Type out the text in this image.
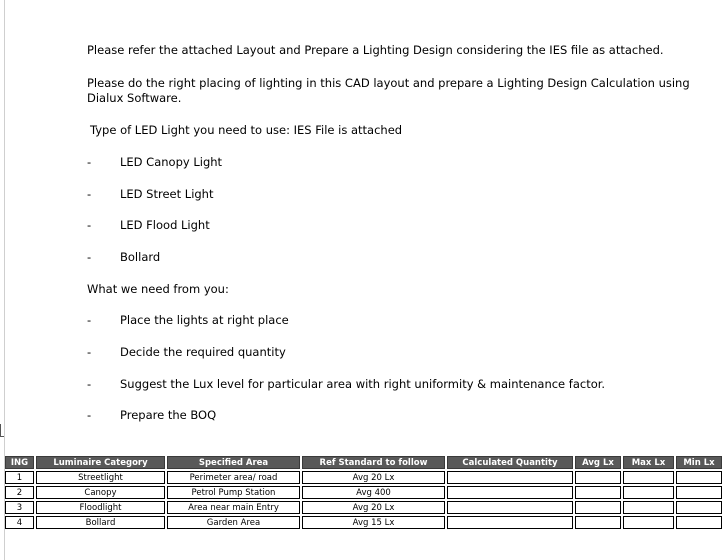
Please refer the attached Layout and Prepare a Lighting Design considering the IES file as attached.
Please do the right placing of lighting in this CAD layout and prepare a Lighting Design Calculation using
Dialux Software.
Type of LED Light you need to use: IES File is attached
-	LED Canopy Light
-	LED Street Light
-	LED Flood Light
-	Bollard
What we need from you:
-	Place the lights at right place
-	Decide the required quantity
-	Suggest the Lux level for particular area with right uniformity & maintenance factor.
-	Prepare the BOQ
ING	Luminaire Category	Specified Area	Ref Standard to follow	Calculated Quantity	Avg Lx	Max Lx	Min Lx
1	Streetlight	Perimeter area/ road	Avg 20 Lx				
2	Canopy	Petrol Pump Station	Avg 400				
3	Floodlight	Area near main Entry	Avg 20 Lx				
4	Bollard	Garden Area	Avg 15 Lx				
